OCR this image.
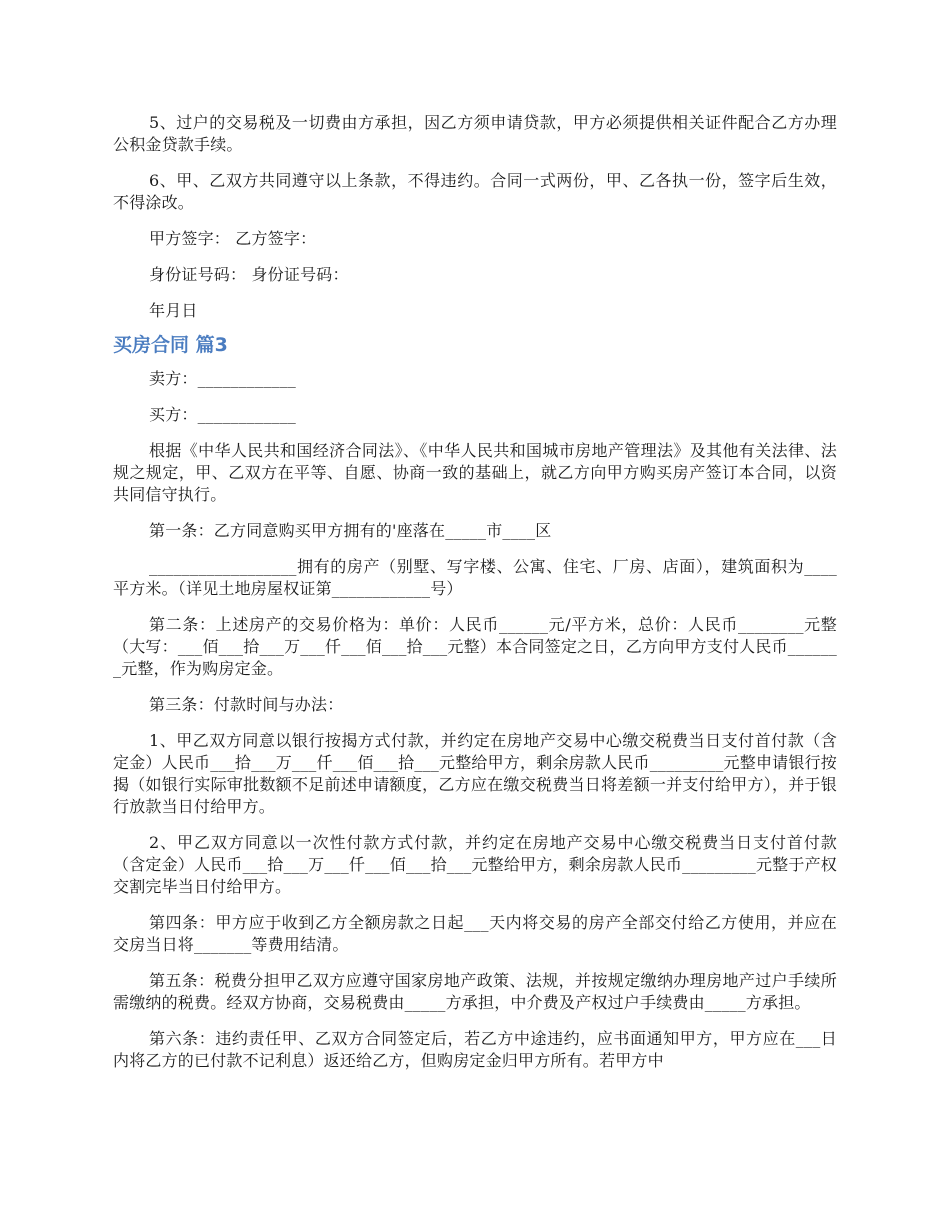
5、过户的交易税及一切费由方承担，因乙方须申请贷款，甲方必须提供相关证件配合乙方办理公积金贷款手续。

6、甲、乙双方共同遵守以上条款，不得违约。合同一式两份，甲、乙各执一份，签字后生效，不得涂改。

甲方签字： 乙方签字：

身份证号码： 身份证号码：

年月日

买房合同 篇3

卖方：____________

买方：____________

根据《中华人民共和国经济合同法》、《中华人民共和国城市房地产管理法》及其他有关法律、法规之规定，甲、乙双方在平等、自愿、协商一致的基础上，就乙方向甲方购买房产签订本合同，以资共同信守执行。

第一条：乙方同意购买甲方拥有的'座落在_____市____区

__________________拥有的房产（别墅、写字楼、公寓、住宅、厂房、店面），建筑面积为____平方米。（详见土地房屋权证第____________号）

第二条：上述房产的交易价格为：单价：人民币______元/平方米，总价：人民币________元整（大写：___佰___拾___万___仟___佰___拾___元整）本合同签定之日，乙方向甲方支付人民币_______元整，作为购房定金。

第三条：付款时间与办法：

1、甲乙双方同意以银行按揭方式付款，并约定在房地产交易中心缴交税费当日支付首付款（含定金）人民币___拾___万___仟___佰___拾___元整给甲方，剩余房款人民币_________元整申请银行按揭（如银行实际审批数额不足前述申请额度，乙方应在缴交税费当日将差额一并支付给甲方），并于银行放款当日付给甲方。

2、甲乙双方同意以一次性付款方式付款，并约定在房地产交易中心缴交税费当日支付首付款（含定金）人民币___拾___万___仟___佰___拾___元整给甲方，剩余房款人民币_________元整于产权交割完毕当日付给甲方。

第四条：甲方应于收到乙方全额房款之日起___天内将交易的房产全部交付给乙方使用，并应在交房当日将_______等费用结清。

第五条：税费分担甲乙双方应遵守国家房地产政策、法规，并按规定缴纳办理房地产过户手续所需缴纳的税费。经双方协商，交易税费由_____方承担，中介费及产权过户手续费由_____方承担。

第六条：违约责任甲、乙双方合同签定后，若乙方中途违约，应书面通知甲方，甲方应在___日内将乙方的已付款不记利息）返还给乙方，但购房定金归甲方所有。若甲方中
